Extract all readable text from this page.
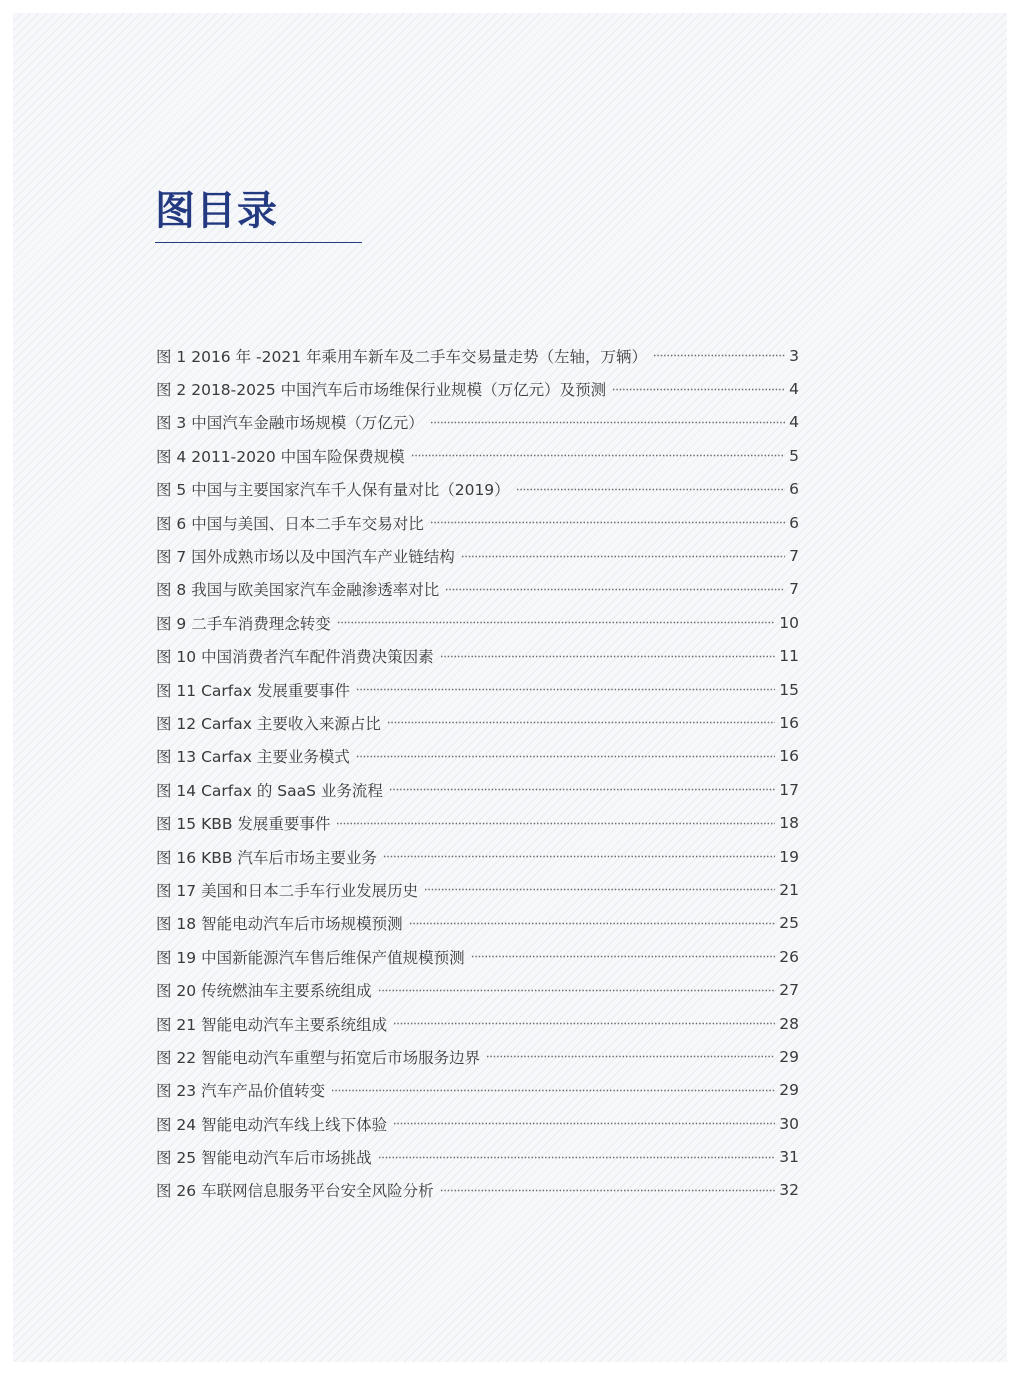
图目录
图 1 2016 年 -2021 年乘用车新车及二手车交易量走势（左轴，万辆）	3
图 2 2018-2025 中国汽车后市场维保行业规模（万亿元）及预测	4
图 3 中国汽车金融市场规模（万亿元）	4
图 4 2011-2020 中国车险保费规模	5
图 5 中国与主要国家汽车千人保有量对比（2019）	6
图 6 中国与美国、日本二手车交易对比	6
图 7 国外成熟市场以及中国汽车产业链结构	7
图 8 我国与欧美国家汽车金融渗透率对比	7
图 9 二手车消费理念转变	10
图 10 中国消费者汽车配件消费决策因素	11
图 11 Carfax 发展重要事件	15
图 12 Carfax 主要收入来源占比	16
图 13 Carfax 主要业务模式	16
图 14 Carfax 的 SaaS 业务流程	17
图 15 KBB 发展重要事件	18
图 16 KBB 汽车后市场主要业务	19
图 17 美国和日本二手车行业发展历史	21
图 18 智能电动汽车后市场规模预测	25
图 19 中国新能源汽车售后维保产值规模预测	26
图 20 传统燃油车主要系统组成	27
图 21 智能电动汽车主要系统组成	28
图 22 智能电动汽车重塑与拓宽后市场服务边界	29
图 23 汽车产品价值转变	29
图 24 智能电动汽车线上线下体验	30
图 25 智能电动汽车后市场挑战	31
图 26 车联网信息服务平台安全风险分析	32
